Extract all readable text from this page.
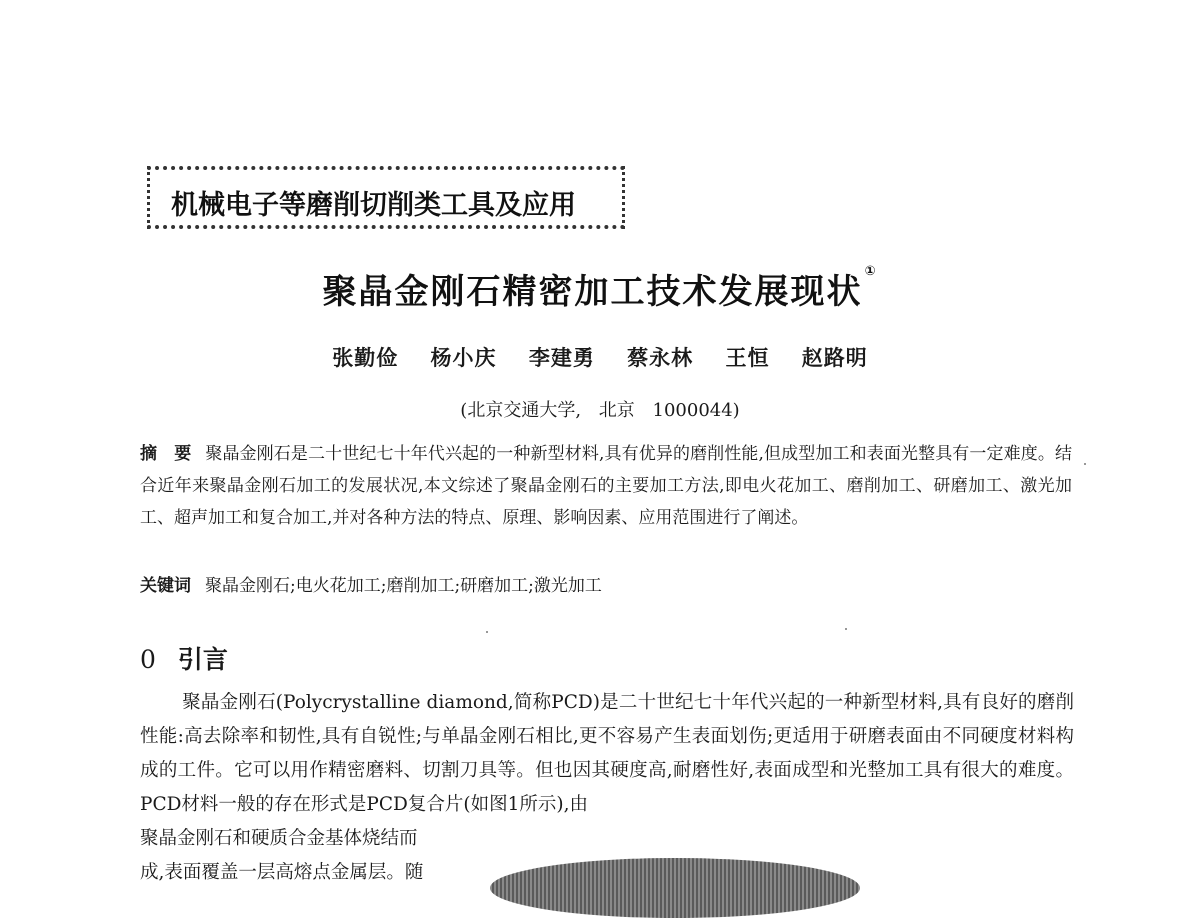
机械电子等磨削切削类工具及应用
聚晶金刚石精密加工技术发展现状①
张勤俭 杨小庆 李建勇 蔡永林 王恒 赵路明
(北京交通大学, 北京 1000044)
摘　要 聚晶金刚石是二十世纪七十年代兴起的一种新型材料,具有优异的磨削性能,但成型加工和表面光整具有一定难度。结合近年来聚晶金刚石加工的发展状况,本文综述了聚晶金刚石的主要加工方法,即电火花加工、磨削加工、研磨加工、激光加工、超声加工和复合加工,并对各种方法的特点、原理、影响因素、应用范围进行了阐述。
关键词 聚晶金刚石;电火花加工;磨削加工;研磨加工;激光加工
0 引言
聚晶金刚石(Polycrystalline diamond,简称PCD)是二十世纪七十年代兴起的一种新型材料,具有良好的磨削性能:高去除率和韧性,具有自锐性;与单晶金刚石相比,更不容易产生表面划伤;更适用于研磨表面由不同硬度材料构成的工件。它可以用作精密磨料、切割刀具等。但也因其硬度高,耐磨性好,表面成型和光整加工具有很大的难度。PCD材料一般的存在形式是PCD复合片(如图1所示),由
聚晶金刚石和硬质合金基体烧结而
成,表面覆盖一层高熔点金属层。随
